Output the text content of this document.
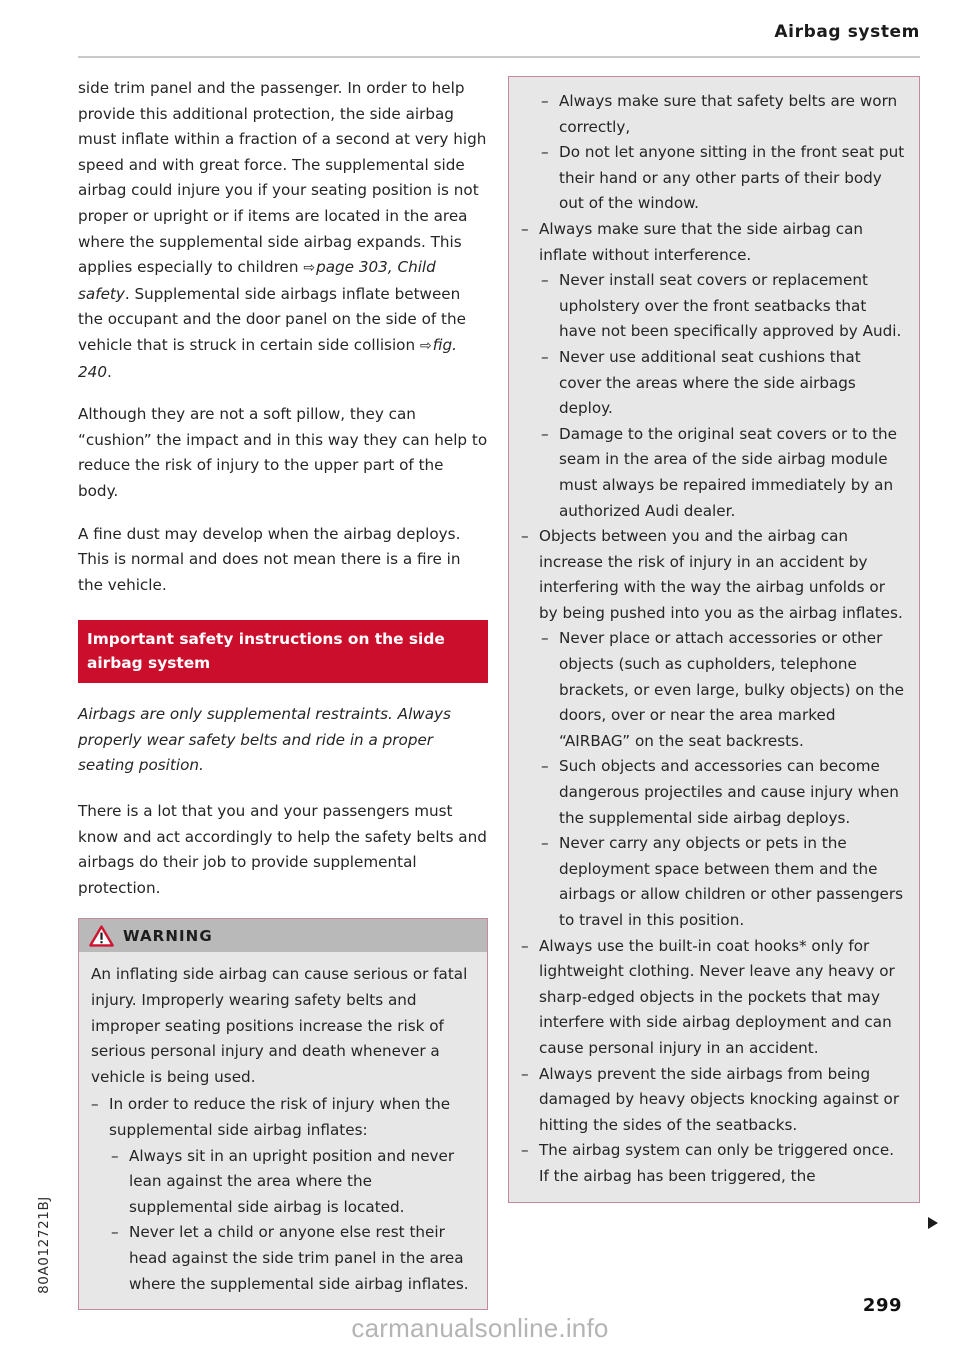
Airbag system

side trim panel and the passenger. In order to help provide this additional protection, the side airbag must inflate within a fraction of a second at very high speed and with great force. The supplemental side airbag could injure you if your seating position is not proper or upright or if items are located in the area where the supplemental side airbag expands. This applies especially to children ⇨page 303, Child safety. Supplemental side airbags inflate between the occupant and the door panel on the side of the vehicle that is struck in certain side collision ⇨fig. 240.

Although they are not a soft pillow, they can “cushion” the impact and in this way they can help to reduce the risk of injury to the upper part of the body.

A fine dust may develop when the airbag deploys. This is normal and does not mean there is a fire in the vehicle.

Important safety instructions on the side airbag system

Airbags are only supplemental restraints. Always properly wear safety belts and ride in a proper seating position.

There is a lot that you and your passengers must know and act accordingly to help the safety belts and airbags do their job to provide supplemental protection.

WARNING

An inflating side airbag can cause serious or fatal injury. Improperly wearing safety belts and improper seating positions increase the risk of serious personal injury and death whenever a vehicle is being used.

– In order to reduce the risk of injury when the supplemental side airbag inflates:
– Always sit in an upright position and never lean against the area where the supplemental side airbag is located.
– Never let a child or anyone else rest their head against the side trim panel in the area where the supplemental side airbag inflates.
– Always make sure that safety belts are worn correctly,
– Do not let anyone sitting in the front seat put their hand or any other parts of their body out of the window.
– Always make sure that the side airbag can inflate without interference.
– Never install seat covers or replacement upholstery over the front seatbacks that have not been specifically approved by Audi.
– Never use additional seat cushions that cover the areas where the side airbags deploy.
– Damage to the original seat covers or to the seam in the area of the side airbag module must always be repaired immediately by an authorized Audi dealer.
– Objects between you and the airbag can increase the risk of injury in an accident by interfering with the way the airbag unfolds or by being pushed into you as the airbag inflates.
– Never place or attach accessories or other objects (such as cupholders, telephone brackets, or even large, bulky objects) on the doors, over or near the area marked “AIRBAG” on the seat backrests.
– Such objects and accessories can become dangerous projectiles and cause injury when the supplemental side airbag deploys.
– Never carry any objects or pets in the deployment space between them and the airbags or allow children or other passengers to travel in this position.
– Always use the built-in coat hooks* only for lightweight clothing. Never leave any heavy or sharp-edged objects in the pockets that may interfere with side airbag deployment and can cause personal injury in an accident.
– Always prevent the side airbags from being damaged by heavy objects knocking against or hitting the sides of the seatbacks.
– The airbag system can only be triggered once. If the airbag has been triggered, the
80A012721BJ
299
carmanualsonline.info
